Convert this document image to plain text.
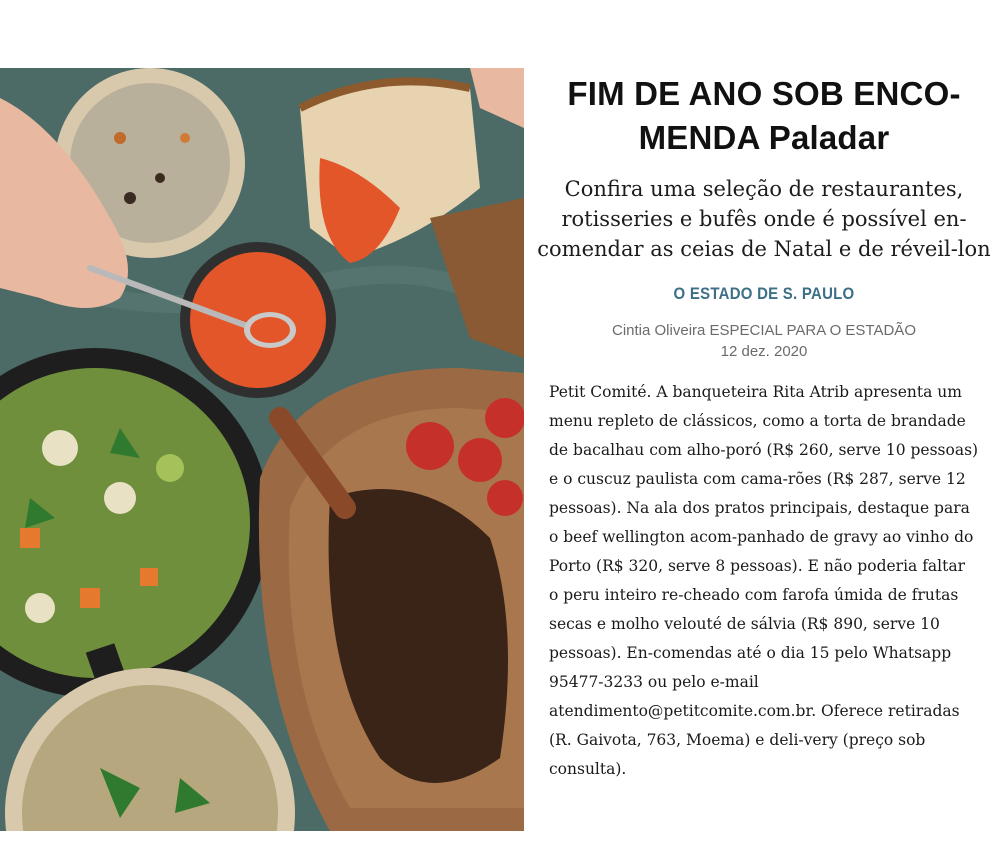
FIM DE ANO SOB ENCO-MENDA Paladar

Confira uma seleção de restaurantes, rotisseries e bufês onde é possível en-comendar as ceias de Natal e de réveil-lon

O ESTADO DE S. PAULO

Cintia Oliveira ESPECIAL PARA O ESTADÃO

12 dez. 2020

Petit Comité. A banqueteira Rita Atrib apresenta um menu repleto de clássicos, como a torta de brandade de bacalhau com alho-poró (R$ 260, serve 10 pessoas) e o cuscuz paulista com cama-rões (R$ 287, serve 12 pessoas). Na ala dos pratos principais, destaque para o beef wellington acom-panhado de gravy ao vinho do Porto (R$ 320, serve 8 pessoas). E não poderia faltar o peru inteiro re-cheado com farofa úmida de frutas secas e molho velouté de sálvia (R$ 890, serve 10 pessoas). En-comendas até o dia 15 pelo Whatsapp 95477-3233 ou pelo e-mail atendimento@petitcomite.com.br. Oferece retiradas (R. Gaivota, 763, Moema) e deli-very (preço sob consulta).
